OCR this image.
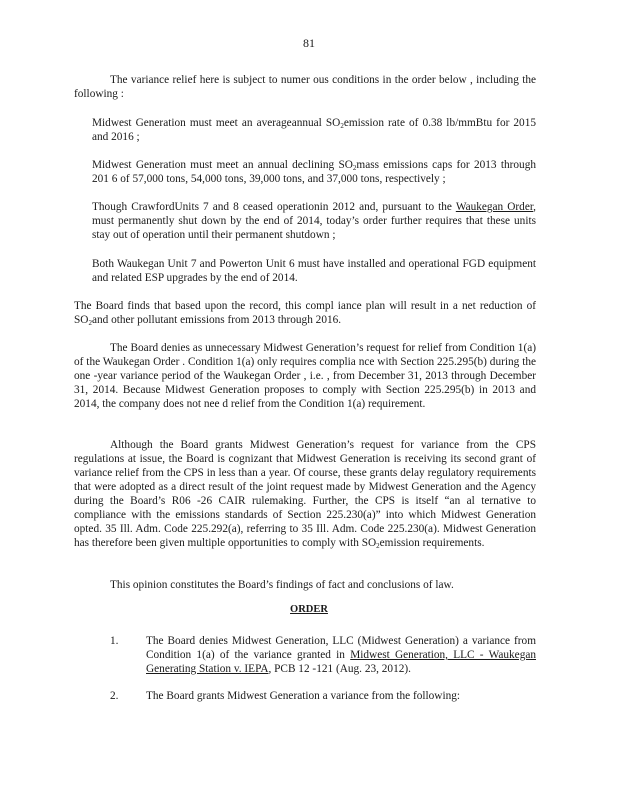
81

The variance relief here is subject to numer ous conditions in the order below , including the following :

Midwest Generation must meet an averageannual $SO_2emission$ rate of 0.38 lb/mmBtu for 2015 and 2016 ;
Midwest Generation must meet an annual declining $SO_2mass$ emissions caps for 2013 through 201 6 of 57,000 tons, 54,000 tons, 39,000 tons, and 37,000 tons, respectively ;
Though CrawfordUnits 7 and 8 ceased operationin 2012 and, pursuant to the Waukegan Order, must permanently shut down by the end of 2014, today’s order further requires that these units stay out of operation until their permanent shutdown ;
Both Waukegan Unit 7 and Powerton Unit 6 must have installed and operational FGD equipment and related ESP upgrades by the end of 2014.

The Board finds that based upon the record, this compl iance plan will result in a net reduction of $SO_2and$ other pollutant emissions from 2013 through 2016.

The Board denies as unnecessary Midwest Generation’s request for relief from Condition 1(a) of the Waukegan Order . Condition 1(a) only requires complia nce with Section 225.295(b) during the one -year variance period of the Waukegan Order , i.e. , from December 31, 2013 through December 31, 2014. Because Midwest Generation proposes to comply with Section 225.295(b) in 2013 and 2014, the company does not nee d relief from the Condition 1(a) requirement.

Although the Board grants Midwest Generation’s request for variance from the CPS regulations at issue, the Board is cognizant that Midwest Generation is receiving its second grant of variance relief from the CPS in less than a year. Of course, these grants delay regulatory requirements that were adopted as a direct result of the joint request made by Midwest Generation and the Agency during the Board’s R06 -26 CAIR rulemaking. Further, the CPS is itself “an al ternative to compliance with the emissions standards of Section 225.230(a)” into which Midwest Generation opted. 35 Ill. Adm. Code 225.292(a), referring to 35 Ill. Adm. Code 225.230(a). Midwest Generation has therefore been given multiple opportunities to comply with $SO_2emission$ requirements.

This opinion constitutes the Board’s findings of fact and conclusions of law.

ORDER
1. The Board denies Midwest Generation, LLC (Midwest Generation) a variance from Condition 1(a) of the variance granted in Midwest Generation, LLC - Waukegan Generating Station v. IEPA, PCB 12 -121 (Aug. 23, 2012).
2. The Board grants Midwest Generation a variance from the following:
